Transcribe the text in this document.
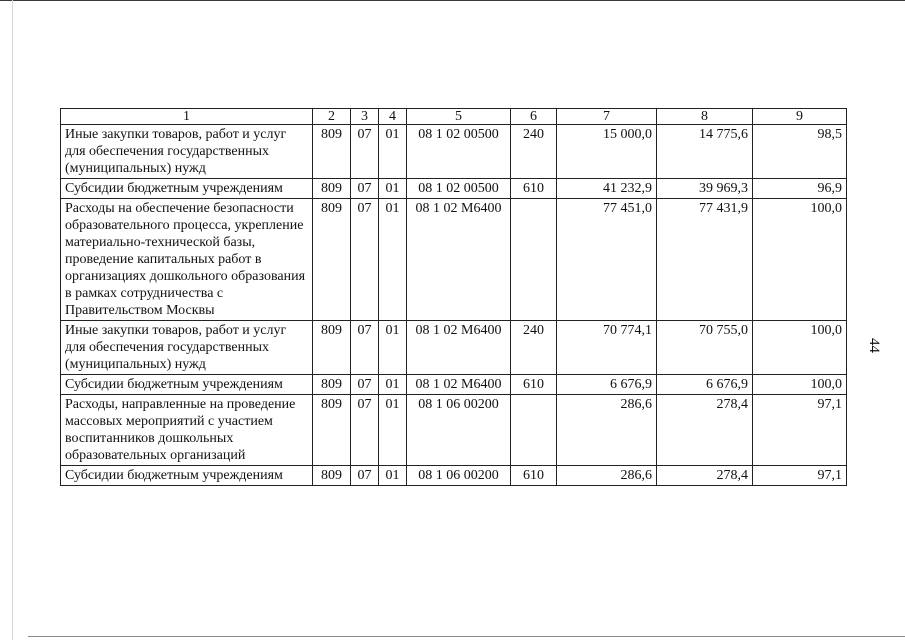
44
1	2	3	4	5	6	7	8	9
Иные закупки товаров, работ и услуг для обеспечения государственных (муниципальных) нужд	809	07	01	08 1 02 00500	240	15 000,0	14 775,6	98,5
Субсидии бюджетным учреждениям	809	07	01	08 1 02 00500	610	41 232,9	39 969,3	96,9
Расходы на обеспечение безопасности образовательного процесса, укрепление материально-технической базы, проведение капитальных работ в организациях дошкольного образования в рамках сотрудничества с Правительством Москвы	809	07	01	08 1 02 М6400		77 451,0	77 431,9	100,0
Иные закупки товаров, работ и услуг для обеспечения государственных (муниципальных) нужд	809	07	01	08 1 02 М6400	240	70 774,1	70 755,0	100,0
Субсидии бюджетным учреждениям	809	07	01	08 1 02 М6400	610	6 676,9	6 676,9	100,0
Расходы, направленные на проведение массовых мероприятий с участием воспитанников дошкольных образовательных организаций	809	07	01	08 1 06 00200		286,6	278,4	97,1
Субсидии бюджетным учреждениям	809	07	01	08 1 06 00200	610	286,6	278,4	97,1
